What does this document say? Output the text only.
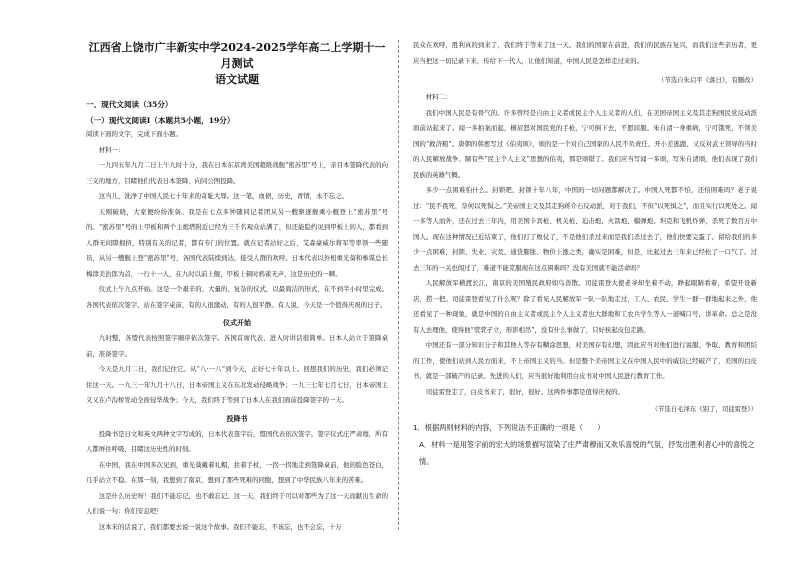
江西省上饶市广丰新实中学2024-2025学年高二上学期十一月测试

语文试题

一、现代文阅读（35分）

（一）现代文阅读Ⅰ（本题共5小题，19分）

阅读下面的文字，完成下面小题。

材料一：

一九四五年九月二日上午九时十分，我在日本东京湾美国超级战舰“密苏里”号上，亲目本签降代表的向三义的地方，目睹他们代表日本签降，向同公图投降。

这当儿，洗净了中国人民七十年来的奇耻大辱。这一笔，血债，历史，青情，永不忘之。

天刚破晓，大家便纷纷准备。我是在七点多钟随同记者团从另一艘驱逐舰乘小艇登上“密苏里”号的。“密苏里”号的上甲板和两个主炮塔附近已经为三千名观众站满了，但还能隐约见到甲板上的人，都看到人群无间隙拥挤，特别有关的记者，都有专门的位置。就在记者站好之后，艾森豪威尔将军等率领一些随员，从另一艘舰上登“密苏里”号，各国代表陆续到达，接受人群的欢呼。日本代表以外相重光葵和参谋总长梅津美治郎为首，一行十一人，在九时以前上舰，甲板上顿时鸦雀无声，这是历史的一瞬。

仪式上午九点开始。这是一个艰辛的、大量的、复杂的仪式，以最简洁的形式，在不到半小时里完成。各国代表依次签字，站在签字桌前，有的人很激动，有的人很平静。有人说，今天是一个值得庆祝的日子。

仪式开始

九时整，各盟代表按照签字顺序依次签字。各国首席代表，进入时讲话很简单。日本人站立于签降桌前，准备签字。

今天是九月二日，我们记住它。从“八·一八”到今天，正好七十年以上。回想我们的历史，我们必须记住这一天。一九三一年九月十八日，日本帝国主义在东北发动侵略战争；一九三七年七月七日，日本帝国主义又在卢沟桥发动全面侵华战争；今天，我们终于等到了日本人在我们面前投降签字的一天。

投降书

投降书是日文和英文两种文字写成的，日本代表签字后，盟国代表依次签字。签字仪式庄严肃穆，所有人都屏住呼吸，目睹这历史性的时刻。

在中国，我在中国多次见到，重光葵戴着礼帽，拄着手杖，一拐一拐地走到签降桌前，他的脸色苍白，几乎站立不稳。在那一刻，我想到了南京，想到了那些死难的同胞，想到了中华民族八年来的苦难。

这是什么历史呀！我们不能忘记，也不敢忘记。这一天，我们终于可以对那些为了这一天而献出生命的人们说一句：你们安息吧！

这本来的话说了，我们都要去说一说这个故事。我们不能忘，不该忘，也不会忘，十万

民众在欢呼，胜利真的到来了，我们终于等来了这一天。我们的国家在前进，我们的民族在复兴，而我们这些亲历者，更应当把这一切记录下来，传给下一代人，让他们知道，中国人民是怎样走过来的。

（节选自朱启平《落日》，有删改）

材料二：

我们中国人民是有骨气的。许多曾经是自由主义者或民主个人主义者的人们，在美国帝国主义及其走狗国民党反动派面前站起来了。闻一多拍案而起，横眉怒对国民党的手枪，宁可倒下去，不愿屈服。朱自清一身重病，宁可饿死，不领美国的“救济粮”。唐朝的韩愈写过《伯夷颂》，颂的是一个对自己国家的人民不负责任、开小差逃跑、又反对武王领导的当时的人民解放战争、颇有些“民主个人主义”思想的伯夷，那是颂错了。我们应当写闻一多颂，写朱自清颂，他们表现了我们民族的英雄气概。

多少一点困难怕什么。封锁吧，封锁十年八年，中国的一切问题都解决了。中国人死都不怕，还怕困难吗？老子说过：“民不畏死，奈何以死惧之。”美帝国主义及其走狗蒋介石反动派，对于我们，不但“以死惧之”，而且实行以死处之。闻一多等人而外，还在过去三年内，用美国卡宾枪、机关枪、迫击炮、火箭炮、榴弹炮、坦克和飞机炸弹，杀死了数百万中国人。现在这种情况已近结束了，他们打了败仗了，不是他们杀过来而是我们杀过去了，他们快要完蛋了。留给我们的多少一点困难，封锁、失业、灾荒、通货膨胀、物价上涨之类，确实是困难，但是，比起过去三年来已经松了一口气了。过去三年的一关也闯过了，难道不能克服现在这点困难吗？没有美国就不能活命吗？

人民解放军横渡长江，南京的美国殖民政府如鸟兽散。司徒雷登大使老爷却坐着不动，睁起眼睛看着，希望开设新店，捞一把。司徒雷登看见了什么呢？除了看见人民解放军一队一队地走过，工人、农民、学生一群一群地起来之外，他还看见了一种现象，就是中国的自由主义者或民主个人主义者也大群地和工农兵学生等人一道喊口号，讲革命。总之是没有人去理他，使得他“茕茕孑立，形影相吊”，没有什么事做了，只好挟起皮包走路。

中国还有一部分知识分子和其他人等存有糊涂思想，对美国存有幻想，因此应当对他们进行说服、争取、教育和团结的工作，使他们站到人民方面来，不上帝国主义的当。但是整个美帝国主义在中国人民中的威信已经破产了，美国的白皮书，就是一部破产的记录。先进的人们，应当很好地利用白皮书对中国人民进行教育工作。

司徒雷登走了，白皮书来了，很好，很好。这两件事都是值得庆祝的。

（节选自毛泽东《别了，司徒雷登》）

1．根据两则材料的内容，下列说法不正确的一项是（　　）

A．材料一是用签字前的宏大的场景描写渲染了庄严肃穆而又欢乐喜悦的气氛，抒发出胜利者心中的喜悦之情。
